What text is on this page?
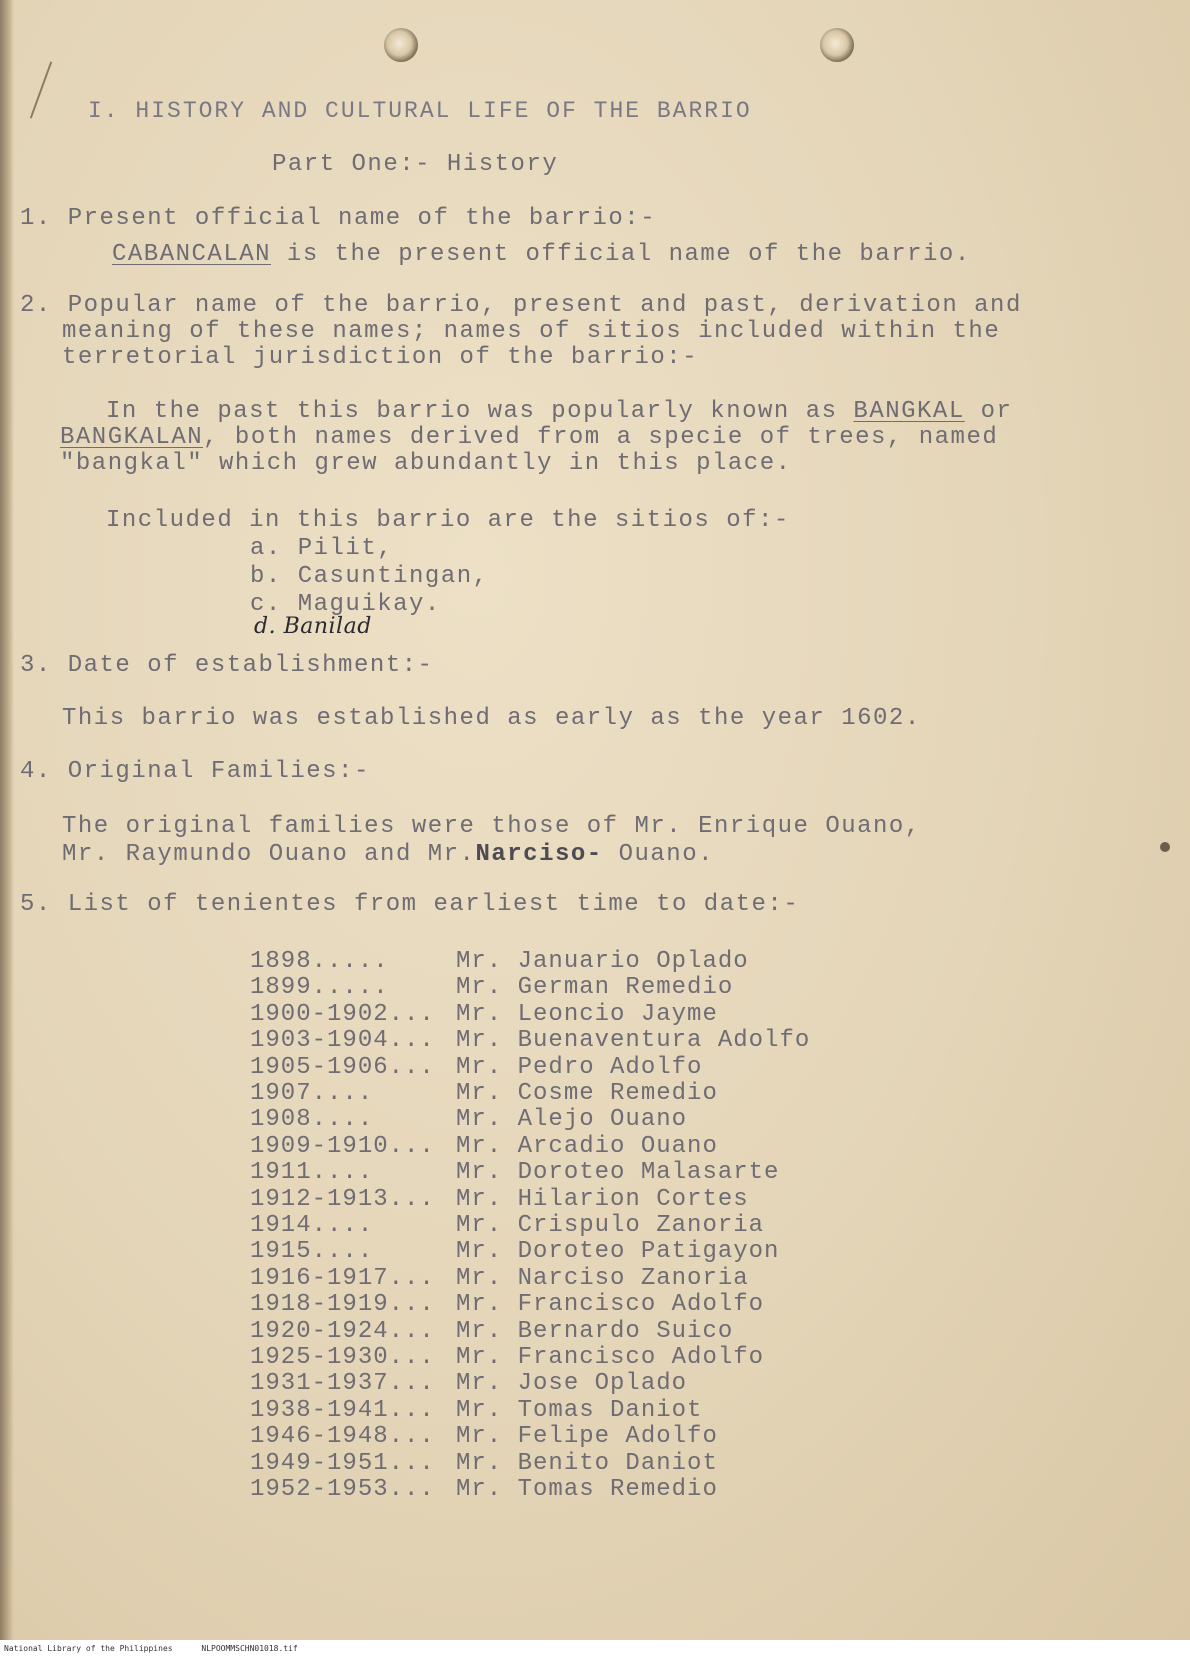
I. HISTORY AND CULTURAL LIFE OF THE BARRIO
Part One:- History
1. Present official name of the barrio:-
CABANCALAN is the present official name of the barrio.
2. Popular name of the barrio, present and past, derivation and
meaning of these names; names of sitios included within the
terretorial jurisdiction of the barrio:-
In the past this barrio was popularly known as BANGKAL or
BANGKALAN, both names derived from a specie of trees, named
"bangkal" which grew abundantly in this place.
Included in this barrio are the sitios of:-
a. Pilit,
b. Casuntingan,
c. Maguikay.
d. Banilad
3. Date of establishment:-
This barrio was established as early as the year 1602.
4. Original Families:-
The original families were those of Mr. Enrique Ouano,
Mr. Raymundo Ouano and Mr.Narciso- Ouano.
5. List of tenientes from earliest time to date:-
1898.....	Mr. Januario Oplado
1899.....	Mr. German Remedio
1900-1902... Mr. Leoncio Jayme
1903-1904... Mr. Buenaventura Adolfo
1905-1906... Mr. Pedro Adolfo
1907....	Mr. Cosme Remedio
1908....	Mr. Alejo Ouano
1909-1910... Mr. Arcadio Ouano
1911....	Mr. Doroteo Malasarte
1912-1913... Mr. Hilarion Cortes
1914....	Mr. Crispulo Zanoria
1915....	Mr. Doroteo Patigayon
1916-1917... Mr. Narciso Zanoria
1918-1919... Mr. Francisco Adolfo
1920-1924... Mr. Bernardo Suico
1925-1930... Mr. Francisco Adolfo
1931-1937... Mr. Jose Oplado
1938-1941... Mr. Tomas Daniot
1946-1948... Mr. Felipe Adolfo
1949-1951... Mr. Benito Daniot
1952-1953... Mr. Tomas Remedio
National Library of the Philippines	NLPOOMMSCHN01018.tif
